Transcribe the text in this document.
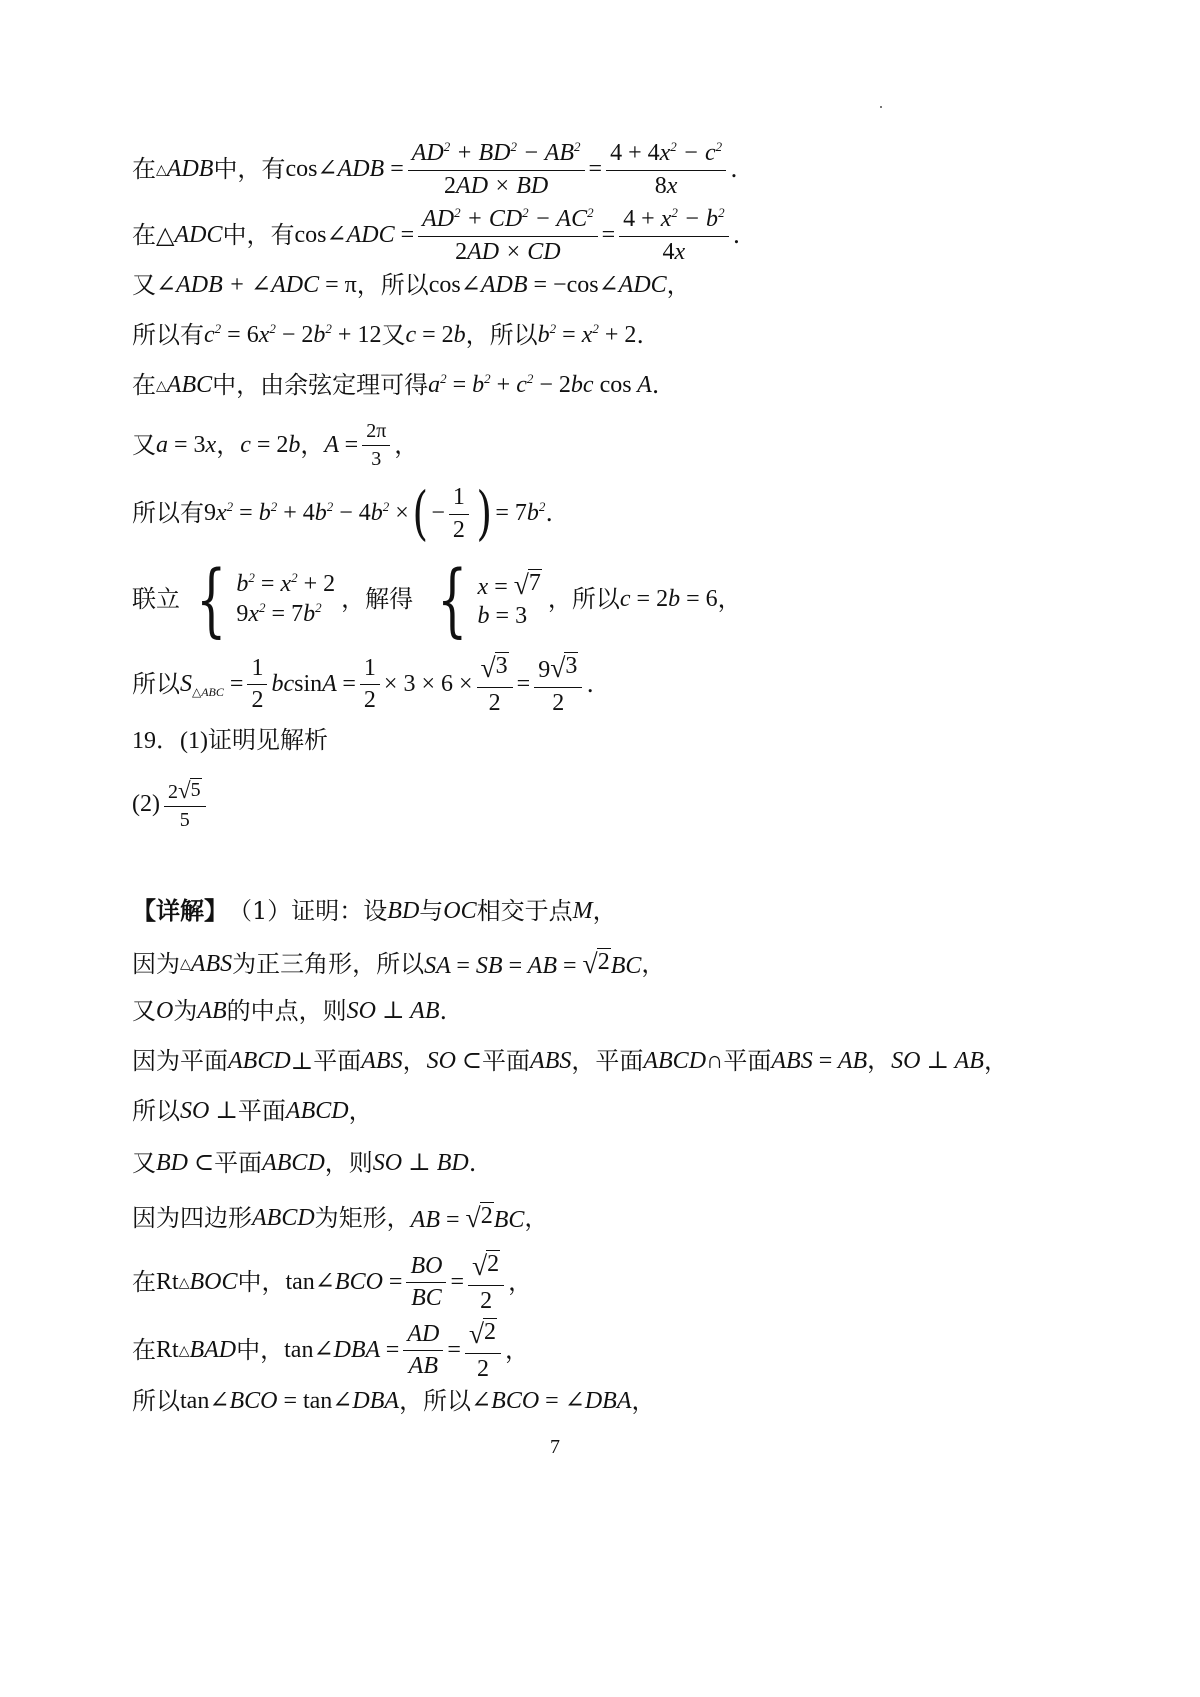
在 △ ADB 中，有 cos∠ADB = $\frac{AD^2 + BD^2 - AB^2}{2AD \times BD} = \frac{4 + 4x^2 - c^2}{8x}$ .
在 △ ADC 中，有 cos∠ADC = $\frac{AD^2 + CD^2 - AC^2}{2AD \times CD} = \frac{4 + x^2 - b^2}{4x}$ .
又 ∠ADB + ∠ADC = π ，所以 cos∠ADB = −cos∠ADC ，
所以有 $c^2 = 6x^2 - 2b^2 + 12$ 又 c = 2b ，所以 $b^2 = x^2 + 2$ .
在 △ ABC 中，由余弦定理可得 $a^2 = b^2 + c^2 - 2bc$ cos A .
又 a = 3x ， c = 2b ， $A = \frac{2\pi}{3}$ ，
所以有 $9x^2 = b^2 + 4b^2 - 4b^2$ × ( − $\frac{1}{2}$ ) = $7b^2$ .
联立 { $b^2 = x^2 + 2$
$9x^2 = 7b^2$ ，解得 { x = √ 7
b = 3
，所以 c = 2b = 6 ，
所以 $S_{\triangle ABC} = \frac{1}{2}$ $bcsinA = \frac{1}{2} \times 3 \times 6 \times \frac{√ 3}{2} = \frac{9 √ 3}{2}$ .
19．(1)证明见解析
$(2) \frac{2 √ 5}{5}$
【详解】 （1）证明：设 BD 与 OC 相交于点 M ，
因为 △ ABS 为正三角形，所以 SA = SB = AB = √ 2 BC ，
又 O 为 AB 的中点，则 SO ⊥ AB .
因为平面 ABCD ⊥平面 ABS ， SO ⊂ 平面 ABS ，平面 ABCD∩ 平面 ABS = AB，SO ⊥ AB ，
所以 SO ⊥ 平面 ABCD ，
又 BD ⊂ 平面 ABCD ，则 SO ⊥ BD .
因为四边形 ABCD 为矩形， AB = √ 2 BC ，
在 Rt △ BOC 中， tan∠BCO = $\frac{BO}{BC} = \frac{√ 2}{2}$ ，
在 Rt △ BAD 中， tan∠DBA = $\frac{AD}{AB} = \frac{√ 2}{2}$ ，
所以 tan∠BCO = tan∠DBA ，所以 ∠BCO = ∠DBA ，
7
